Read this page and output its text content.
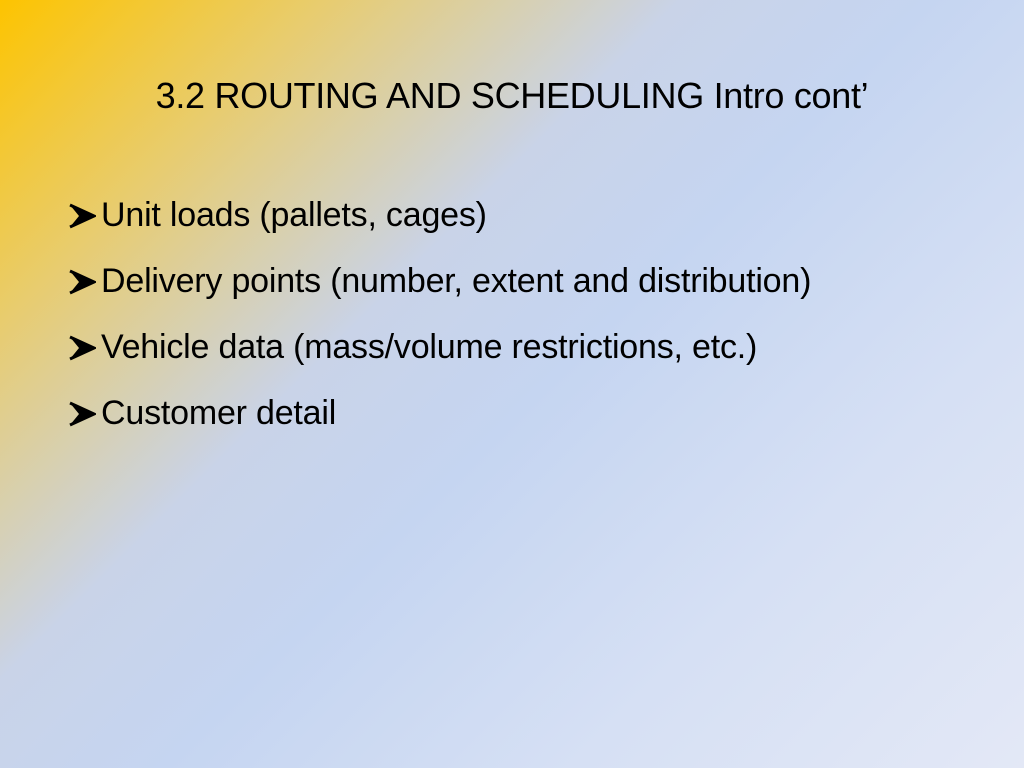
3.2 ROUTING AND SCHEDULING Intro cont’
Unit loads (pallets, cages)
Delivery points (number, extent and distribution)
Vehicle data (mass/volume restrictions, etc.)
Customer detail
